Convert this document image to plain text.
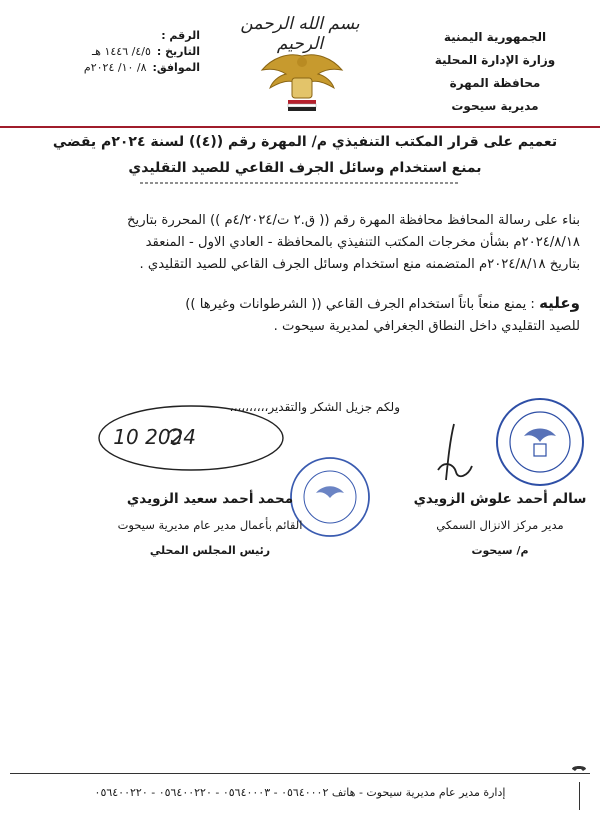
الجمهورية اليمنية
وزارة الإدارة المحلية
محافظة المهرة
مديرية سيحوت
بسم الله الرحمن الرحيم
الرقم :
التاريخ :
٤/٥/ ١٤٤٦ هـ
الموافق:
٨/ ١٠/ ٢٠٢٤م
تعميم على قرار المكتب التنفيذي م/ المهرة رقم ((٤)) لسنة ٢٠٢٤م يقضي
بمنع استخدام وسائل الجرف القاعي للصيد التقليدي
بناء على رسالة المحافظ محافظة المهرة رقم (( ق.٢ ت/٤/٢٠٢٤م )) المحررة بتاريخ
٢٠٢٤/٨/١٨م بشأن مخرجات المكتب التنفيذي بالمحافظة - العادي الاول - المنعقد
بتاريخ ٢٠٢٤/٨/١٨م المتضمنه منع استخدام وسائل الجرف القاعي للصيد التقليدي .
وعليه : يمنع منعاً باتاً استخدام الجرف القاعي (( الشرطوانات وغيرها ))
للصيد التقليدي داخل النطاق الجغرافي لمديرية سيحوت .
ولكم جزيل الشكر والتقدير،،،،،،،،،،
2024 10
محمد أحمد سعيد الزويدي
القائم بأعمال مدير عام مديرية سيحوت
رئيس المجلس المحلي
سالم أحمد علوش الزويدي
مدير مركز الانزال السمكي
م/ سيحوت
إدارة مدير عام مديرية سيحوت - هاتف ٠٥٦٤٠٠٠٢ - ٠٥٦٤٠٠٠٣ - ٠٥٦٤٠٠٢٢٠ - ٠٥٦٤٠٠٢٢٠
